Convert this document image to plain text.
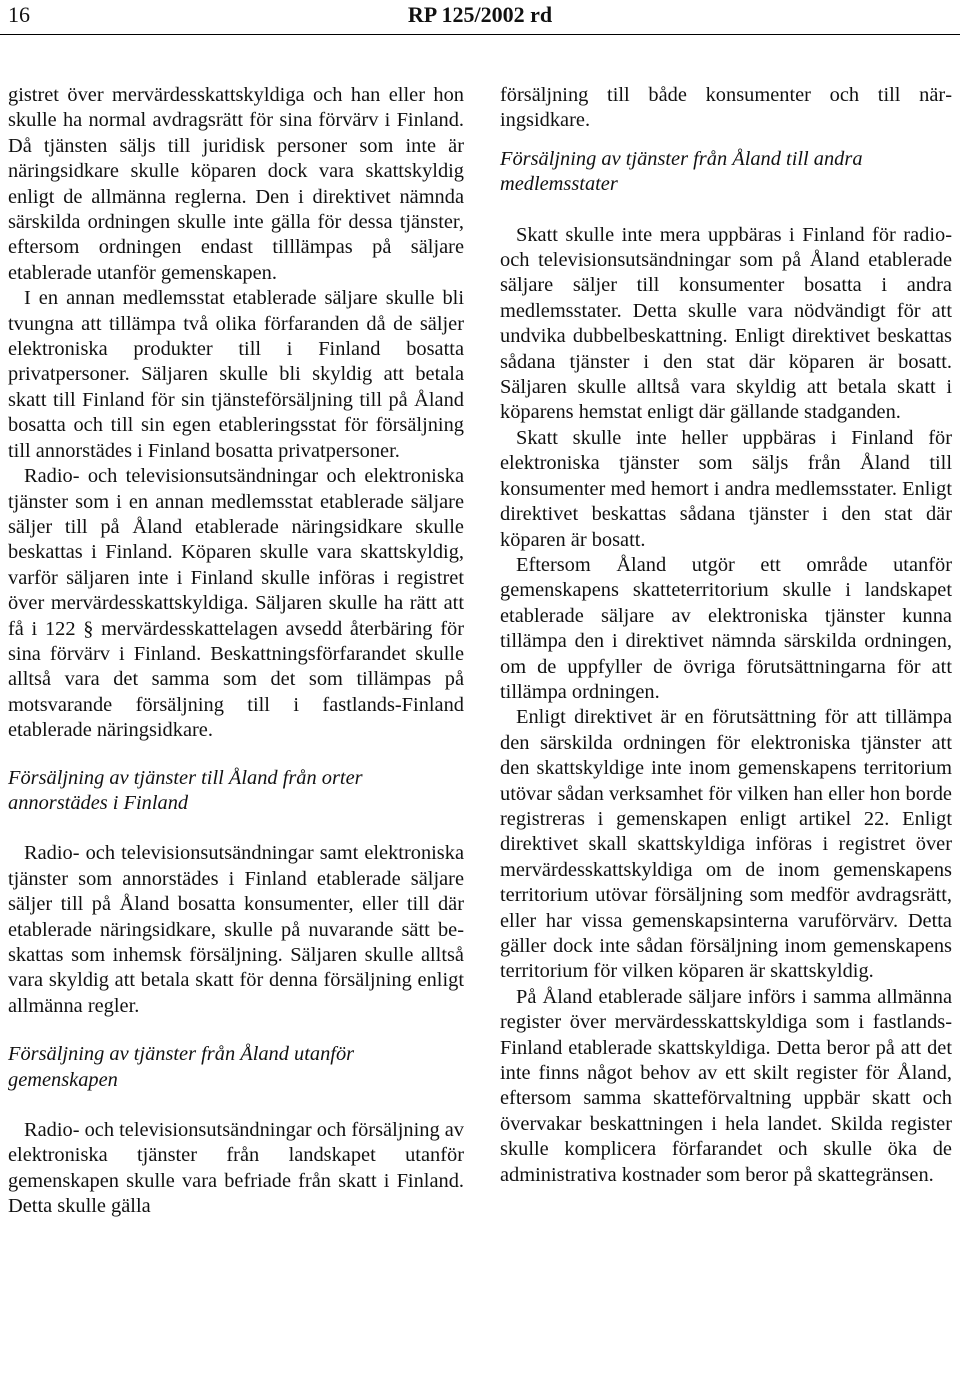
16	RP 125/2002 rd

gistret över mervärdesskattskyldiga och han eller hon skulle ha normal avdragsrätt för sina förvärv i Finland. Då tjänsten säljs till juridisk personer som inte är näringsidkare skulle köparen dock vara skattskyldig enligt de allmänna reglerna. Den i direktivet nämnda särskilda ordningen skulle inte gälla för dessa tjänster, eftersom ordningen endast tilllämpas på säljare etablerade utanför gemenskapen.

I en annan medlemsstat etablerade säljare skulle bli tvungna att tillämpa två olika förfaranden då de säljer elektroniska produkter till i Finland bosatta privatpersoner. Säljaren skulle bli skyldig att betala skatt till Finland för sin tjänsteförsäljning till på Åland bosatta och till sin egen etableringsstat för försäljning till annorstädes i Finland bosatta privatpersoner.

Radio- och televisionsutsändningar och elektroniska tjänster som i en annan medlemsstat etablerade säljare säljer till på Åland etablerade näringsidkare skulle beskattas i Finland. Köparen skulle vara skattskyldig, varför säljaren inte i Finland skulle införas i registret över mervärdesskattskyldiga. Säljaren skulle ha rätt att få i 122 § mervärdesskattelagen avsedd återbäring för sina förvärv i Finland. Beskattningsförfarandet skulle alltså vara det samma som det som tillämpas på motsvarande försäljning till i fastlands-Finland etablerade näringsidkare.

Försäljning av tjänster till Åland från orter annorstädes i Finland

Radio- och televisionsutsändningar samt elektroniska tjänster som annorstädes i Finland etablerade säljare säljer till på Åland bosatta konsumenter, eller till där etablerade näringsidkare, skulle på nuvarande sätt beskattas som inhemsk försäljning. Säljaren skulle alltså vara skyldig att betala skatt för denna försäljning enligt allmänna regler.

Försäljning av tjänster från Åland utanför gemenskapen

Radio- och televisionsutsändningar och försäljning av elektroniska tjänster från landskapet utanför gemenskapen skulle vara befriade från skatt i Finland. Detta skulle gälla

försäljning till både konsumenter och till näringsidkare.

Försäljning av tjänster från Åland till andra medlemsstater

Skatt skulle inte mera uppbäras i Finland för radio- och televisionsutsändningar som på Åland etablerade säljare säljer till konsumenter bosatta i andra medlemsstater. Detta skulle vara nödvändigt för att undvika dubbelbeskattning. Enligt direktivet beskattas sådana tjänster i den stat där köparen är bosatt. Säljaren skulle alltså vara skyldig att betala skatt i köparens hemstat enligt där gällande stadganden.

Skatt skulle inte heller uppbäras i Finland för elektroniska tjänster som säljs från Åland till konsumenter med hemort i andra medlemsstater. Enligt direktivet beskattas sådana tjänster i den stat där köparen är bosatt.

Eftersom Åland utgör ett område utanför gemenskapens skatteterritorium skulle i landskapet etablerade säljare av elektroniska tjänster kunna tillämpa den i direktivet nämnda särskilda ordningen, om de uppfyller de övriga förutsättningarna för att tillämpa ordningen.

Enligt direktivet är en förutsättning för att tillämpa den särskilda ordningen för elektroniska tjänster att den skattskyldige inte inom gemenskapens territorium utövar sådan verksamhet för vilken han eller hon borde registreras i gemenskapen enligt artikel 22. Enligt direktivet skall skattskyldiga införas i registret över mervärdesskattskyldiga om de inom gemenskapens territorium utövar försäljning som medför avdragsrätt, eller har vissa gemenskapsinterna varuförvärv. Detta gäller dock inte sådan försäljning inom gemenskapens territorium för vilken köparen är skattskyldig.

På Åland etablerade säljare införs i samma allmänna register över mervärdesskattskyldiga som i fastlands-Finland etablerade skattskyldiga. Detta beror på att det inte finns något behov av ett skilt register för Åland, eftersom samma skatteförvaltning uppbär skatt och övervakar beskattningen i hela landet. Skilda register skulle komplicera förfarandet och skulle öka de administrativa kostnader som beror på skattegränsen.
